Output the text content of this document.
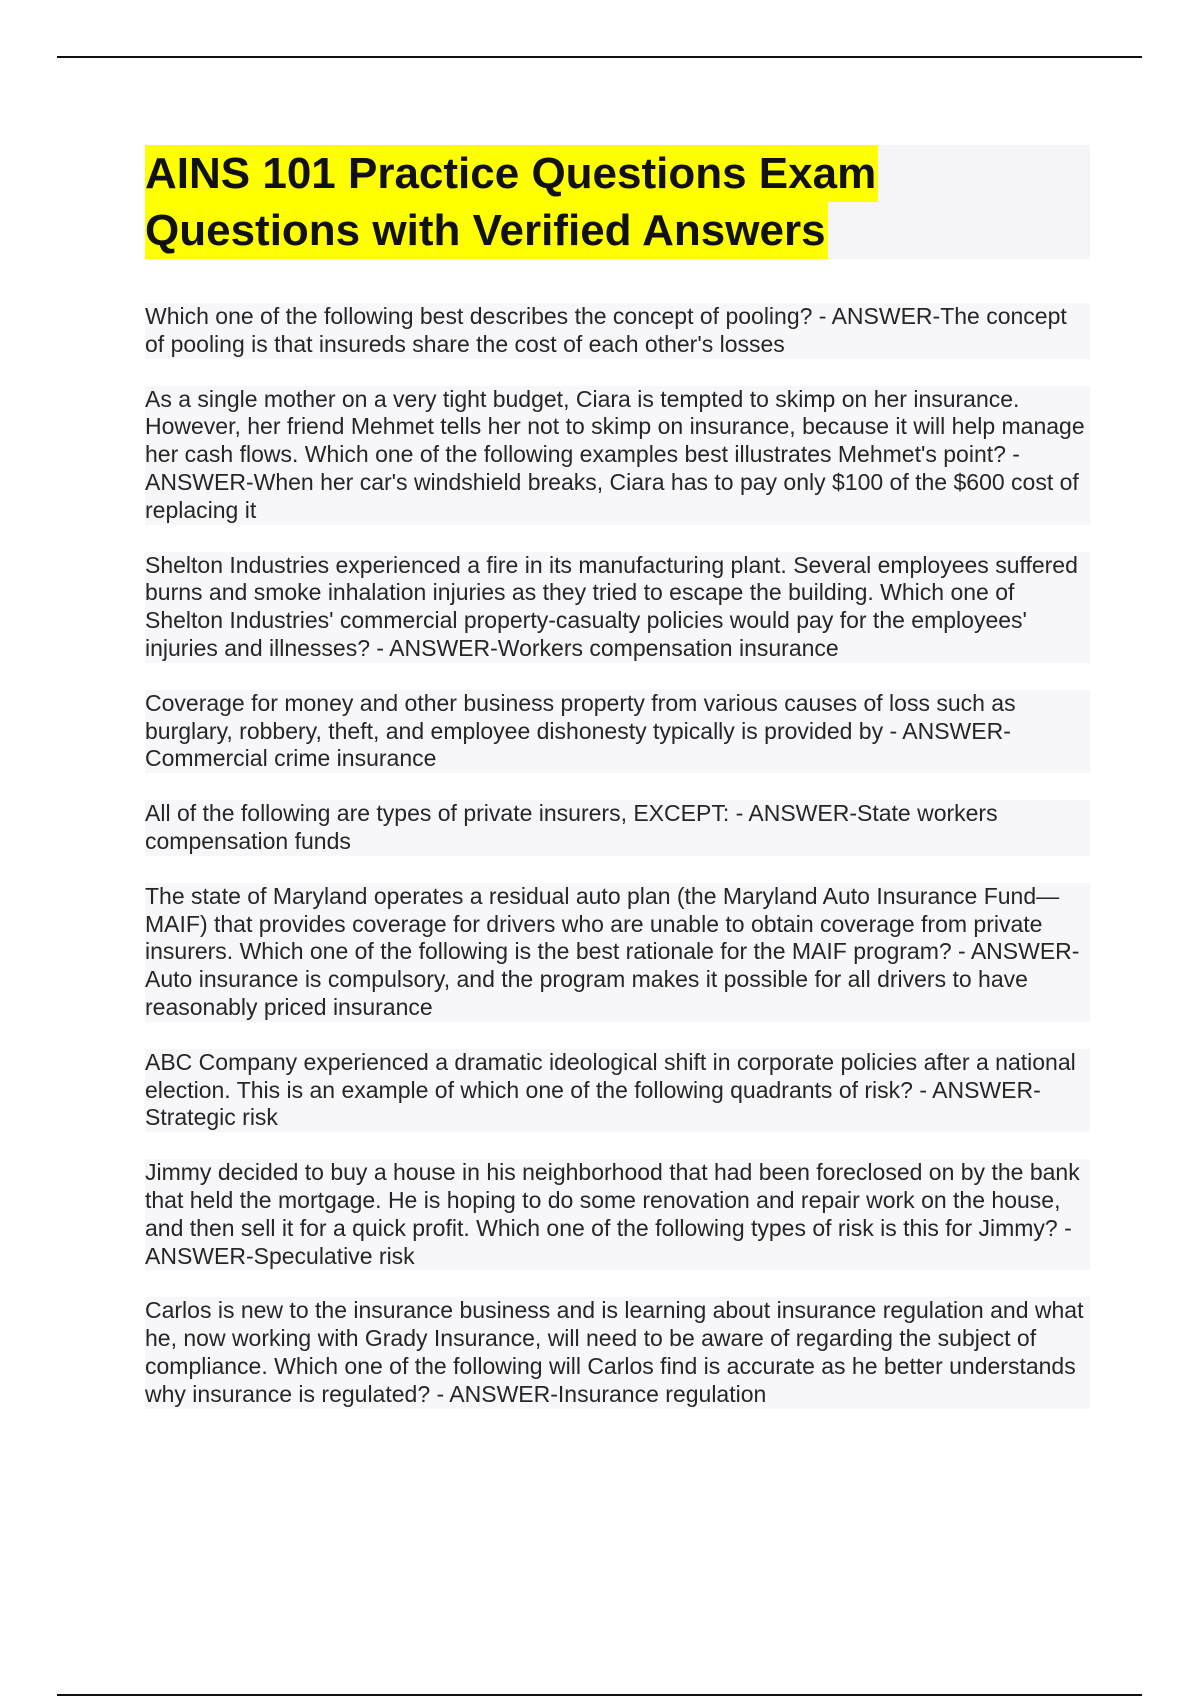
AINS 101 Practice Questions Exam
Questions with Verified Answers

Which one of the following best describes the concept of pooling? - ANSWER-The concept of pooling is that insureds share the cost of each other's losses

As a single mother on a very tight budget, Ciara is tempted to skimp on her insurance. However, her friend Mehmet tells her not to skimp on insurance, because it will help manage her cash flows. Which one of the following examples best illustrates Mehmet's point? - ANSWER-When her car's windshield breaks, Ciara has to pay only $100 of the $600 cost of replacing it

Shelton Industries experienced a fire in its manufacturing plant. Several employees suffered burns and smoke inhalation injuries as they tried to escape the building. Which one of Shelton Industries' commercial property-casualty policies would pay for the employees' injuries and illnesses? - ANSWER-Workers compensation insurance

Coverage for money and other business property from various causes of loss such as burglary, robbery, theft, and employee dishonesty typically is provided by - ANSWER-Commercial crime insurance

All of the following are types of private insurers, EXCEPT: - ANSWER-State workers compensation funds

The state of Maryland operates a residual auto plan (the Maryland Auto Insurance Fund—MAIF) that provides coverage for drivers who are unable to obtain coverage from private insurers. Which one of the following is the best rationale for the MAIF program? - ANSWER-Auto insurance is compulsory, and the program makes it possible for all drivers to have reasonably priced insurance

ABC Company experienced a dramatic ideological shift in corporate policies after a national election. This is an example of which one of the following quadrants of risk? - ANSWER-Strategic risk

Jimmy decided to buy a house in his neighborhood that had been foreclosed on by the bank that held the mortgage. He is hoping to do some renovation and repair work on the house, and then sell it for a quick profit. Which one of the following types of risk is this for Jimmy? - ANSWER-Speculative risk

Carlos is new to the insurance business and is learning about insurance regulation and what he, now working with Grady Insurance, will need to be aware of regarding the subject of compliance. Which one of the following will Carlos find is accurate as he better understands why insurance is regulated? - ANSWER-Insurance regulation
